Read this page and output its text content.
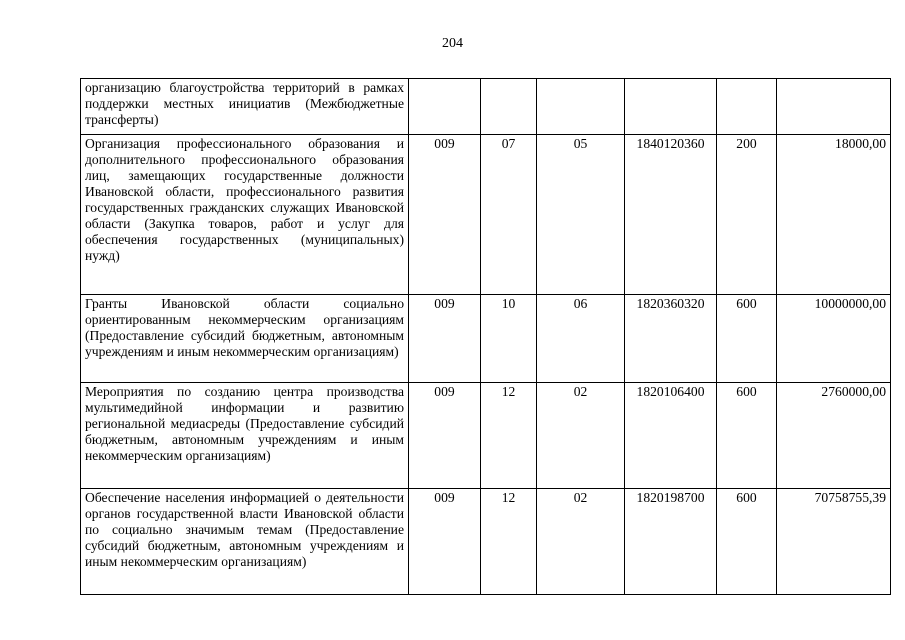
204
организацию благоустройства территорий в рамках поддержки местных инициатив (Межбюджетные трансферты)						
Организация профессионального образования и дополнительного профессионального образования лиц, замещающих государственные должности Ивановской области, профессионального развития государственных гражданских служащих Ивановской области (Закупка товаров, работ и услуг для обеспечения государственных (муниципальных) нужд)	009	07	05	1840120360	200	18000,00
Гранты Ивановской области социально ориентированным некоммерческим организациям (Предоставление субсидий бюджетным, автономным учреждениям и иным некоммерческим организациям)	009	10	06	1820360320	600	10000000,00
Мероприятия по созданию центра производства мультимедийной информации и развитию региональной медиасреды (Предоставление субсидий бюджетным, автономным учреждениям и иным некоммерческим организациям)	009	12	02	1820106400	600	2760000,00
Обеспечение населения информацией о деятельности органов государственной власти Ивановской области по социально значимым темам (Предоставление субсидий бюджетным, автономным учреждениям и иным некоммерческим организациям)	009	12	02	1820198700	600	70758755,39
